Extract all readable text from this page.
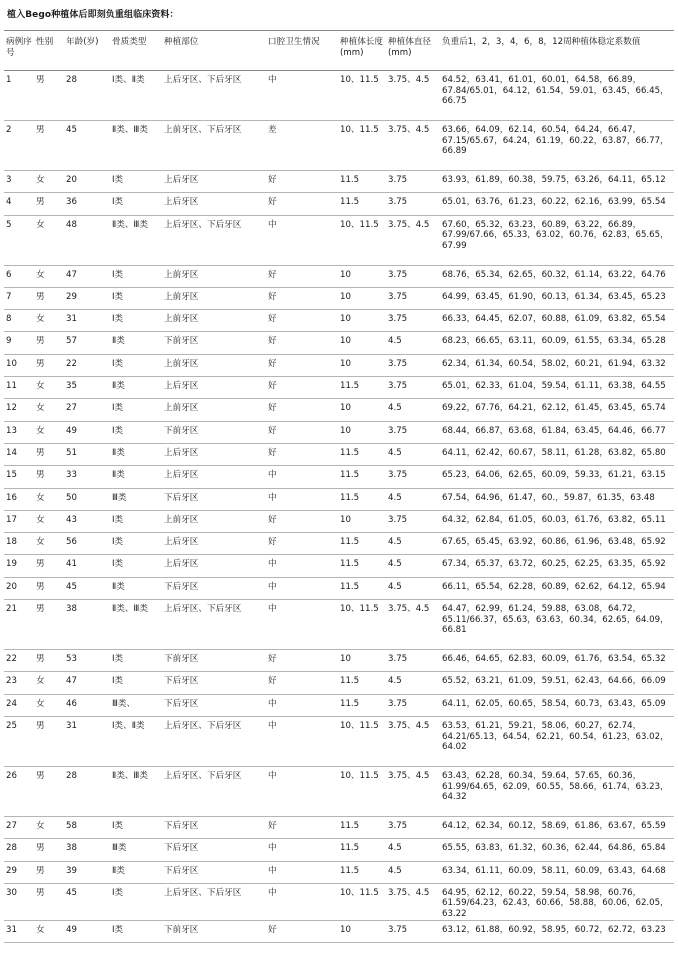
植入Bego种植体后即刻负重组临床资料：
病例序号	性别	年龄(岁)	骨质类型	种植部位	口腔卫生情况	种植体长度(mm)	种植体直径(mm)	负重后1，2，3，4，6，8，12周种植体稳定系数值
1	男	28	Ⅰ类、Ⅱ类	上后牙区、下后牙区	中	10、11.5	3.75、4.5	64.52，63.41，61.01，60.01，64.58，66.89，67.84/65.01，64.12，61.54，59.01，63.45，66.45，66.75
2	男	45	Ⅱ类、Ⅲ类	上前牙区、下后牙区	差	10、11.5	3.75、4.5	63.66，64.09，62.14，60.54，64.24，66.47，67.15/65.67，64.24，61.19，60.22，63.87，66.77，66.89
3	女	20	Ⅰ类	上后牙区	好	11.5	3.75	63.93，61.89，60.38，59.75，63.26，64.11，65.12
4	男	36	Ⅰ类	上后牙区	好	11.5	3.75	65.01，63.76，61.23，60.22，62.16，63.99，65.54
5	女	48	Ⅱ类、Ⅲ类	上后牙区、下后牙区	中	10、11.5	3.75、4.5	67.60，65.32，63.23，60.89，63.22，66.89，67.99/67.66，65.33，63.02，60.76，62.83，65.65，67.99
6	女	47	Ⅰ类	上前牙区	好	10	3.75	68.76，65.34，62.65，60.32，61.14，63.22，64.76
7	男	29	Ⅰ类	上前牙区	好	10	3.75	64.99，63.45，61.90，60.13，61.34，63.45，65.23
8	女	31	Ⅰ类	上前牙区	好	10	3.75	66.33，64.45，62.07，60.88，61.09，63.82，65.54
9	男	57	Ⅱ类	下前牙区	好	10	4.5	68.23，66.65，63.11，60.09，61.55，63.34，65.28
10	男	22	Ⅰ类	上前牙区	好	10	3.75	62.34，61.34，60.54，58.02，60.21，61.94，63.32
11	女	35	Ⅱ类	上后牙区	好	11.5	3.75	65.01，62.33，61.04，59.54，61.11，63.38，64.55
12	女	27	Ⅰ类	上前牙区	好	10	4.5	69.22，67.76，64.21，62.12，61.45，63.45，65.74
13	女	49	Ⅰ类	下前牙区	好	10	3.75	68.44，66.87，63.68，61.84，63.45，64.46，66.77
14	男	51	Ⅱ类	上后牙区	好	11.5	4.5	64.11，62.42，60.67，58.11，61.28，63.82，65.80
15	男	33	Ⅱ类	上后牙区	中	11.5	3.75	65.23，64.06，62.65，60.09，59.33，61.21，63.15
16	女	50	Ⅲ类	下后牙区	中	11.5	4.5	67.54，64.96，61.47，60.，59.87，61.35，63.48
17	女	43	Ⅰ类	上前牙区	好	10	3.75	64.32，62.84，61.05，60.03，61.76，63.82，65.11
18	女	56	Ⅰ类	上后牙区	好	11.5	4.5	67.65，65.45，63.92，60.86，61.96，63.48，65.92
19	男	41	Ⅰ类	上后牙区	中	11.5	4.5	67.34，65.37，63.72，60.25，62.25，63.35，65.92
20	男	45	Ⅱ类	下后牙区	中	11.5	4.5	66.11，65.54，62.28，60.89，62.62，64.12，65.94
21	男	38	Ⅱ类、Ⅲ类	上后牙区、下后牙区	中	10、11.5	3.75、4.5	64.47，62.99，61.24，59.88，63.08，64.72，65.11/66.37，65.63，63.63，60.34，62.65，64.09，66.81
22	男	53	Ⅰ类	下前牙区	好	10	3.75	66.46，64.65，62.83，60.09，61.76，63.54，65.32
23	女	47	Ⅰ类	下后牙区	好	11.5	4.5	65.52，63.21，61.09，59.51，62.43，64.66，66.09
24	女	46	Ⅲ类、	下后牙区	中	11.5	3.75	64.11，62.05，60.65，58.54，60.73，63.43，65.09
25	男	31	Ⅰ类、Ⅱ类	上后牙区、下后牙区	中	10、11.5	3.75、4.5	63.53，61.21，59.21，58.06，60.27，62.74，64.21/65.13，64.54，62.21，60.54，61.23，63.02，64.02
26	男	28	Ⅱ类、Ⅲ类	上后牙区、下后牙区	中	10、11.5	3.75、4.5	63.43，62.28，60.34，59.64，57.65，60.36，61.99/64.65，62.09，60.55，58.66，61.74，63.23，64.32
27	女	58	Ⅰ类	下后牙区	好	11.5	3.75	64.12，62.34，60.12，58.69，61.86，63.67，65.59
28	男	38	Ⅲ类	下后牙区	中	11.5	4.5	65.55，63.83，61.32，60.36，62.44，64.86，65.84
29	男	39	Ⅱ类	下后牙区	中	11.5	4.5	63.34，61.11，60.09，58.11，60.09，63.43，64.68
30	男	45	Ⅰ类	上后牙区、下后牙区	中	10、11.5	3.75、4.5	64.95，62.12，60.22，59.54，58.98，60.76，61.59/64.23，62.43，60.66，58.88，60.06，62.05，63.22
31	女	49	Ⅰ类	下前牙区	好	10	3.75	63.12，61.88，60.92，58.95，60.72，62.72，63.23
